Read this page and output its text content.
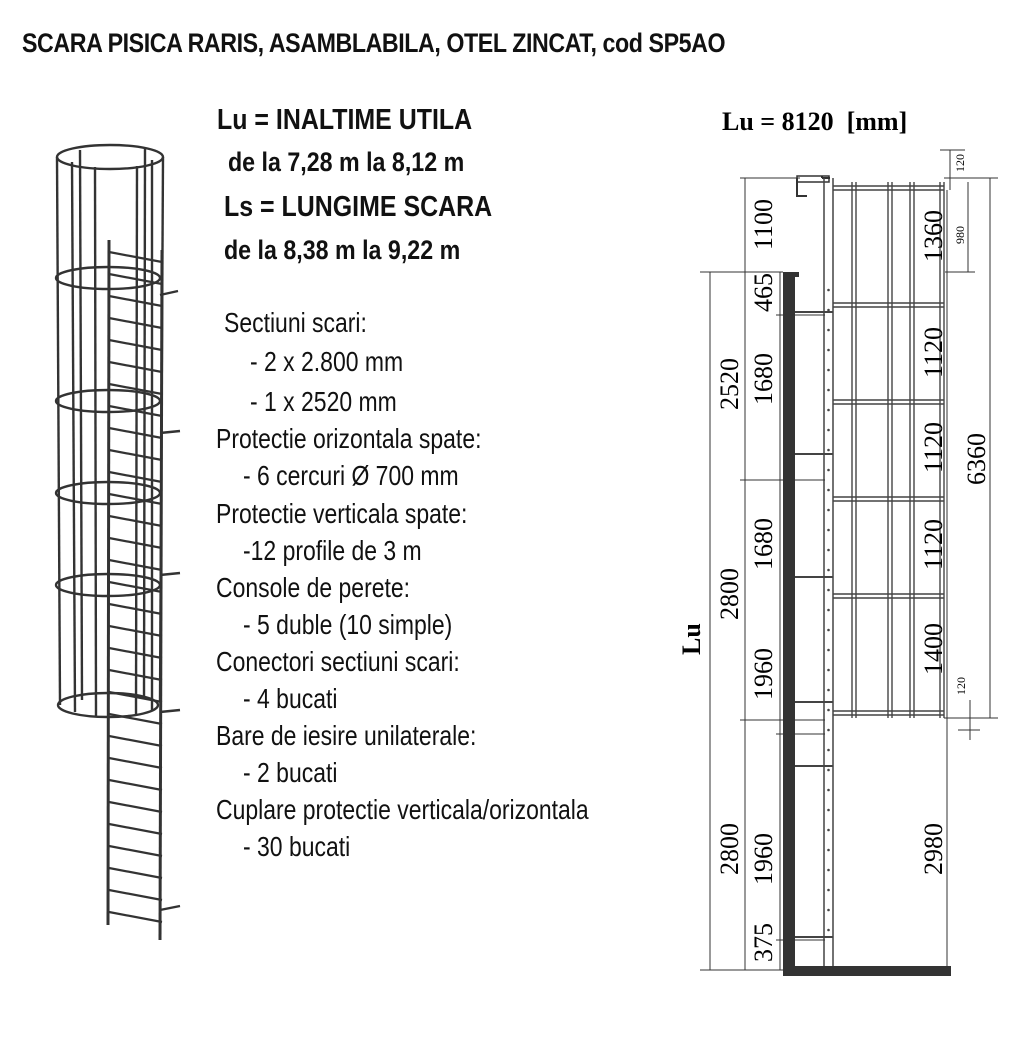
SCARA PISICA RARIS, ASAMBLABILA, OTEL ZINCAT, cod SP5AO
Lu = INALTIME UTILA
de la 7,28 m la 8,12 m
Ls = LUNGIME SCARA
de la 8,38 m la 9,22 m
Sectiuni scari:
- 2 x 2.800 mm
- 1 x 2520 mm
Protectie orizontala spate:
- 6 cercuri Ø 700 mm
Protectie verticala spate:
-12 profile de 3 m
Console de perete:
- 5 duble (10 simple)
Conectori sectiuni scari:
- 4 bucati
Bare de iesire unilaterale:
- 2 bucati
Cuplare protectie verticala/orizontala
- 30 bucati
Lu = 8120  [mm]
Lu
1100
465
2520 1680
1680
2800
1960
2800 1960
375
120
1360 980
1120
1120
1120
1400
6360
120
2980
